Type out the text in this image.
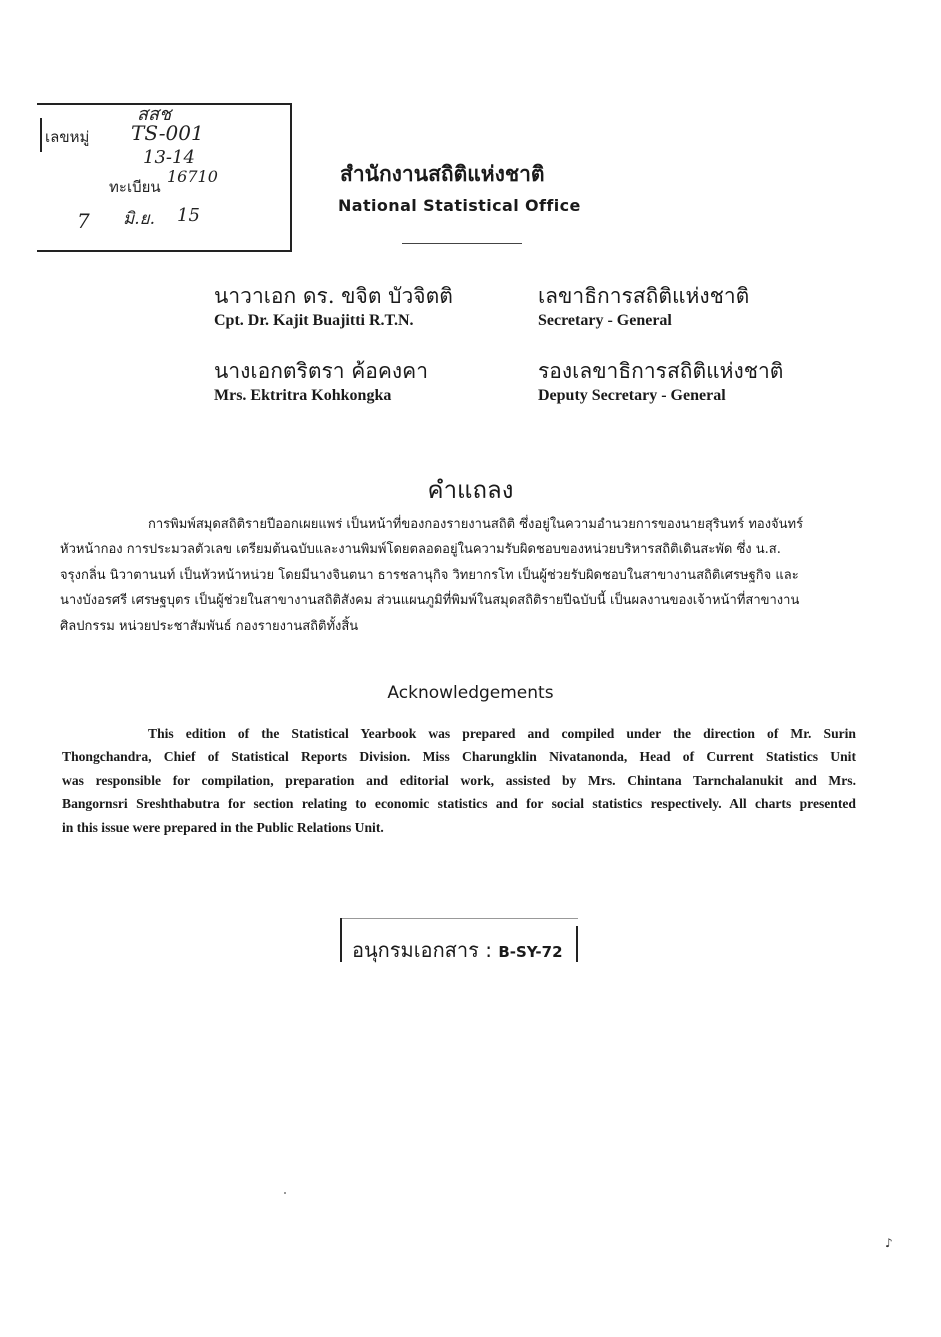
เลขหมู่
ทะเบียน
สสช
TS-001
13-14
16710
7 มิ.ย. 15
สำนักงานสถิติแห่งชาติ
National Statistical Office
นาวาเอก ดร. ขจิต บัวจิตติ
Cpt. Dr. Kajit Buajitti R.T.N.
เลขาธิการสถิติแห่งชาติ
Secretary - General
นางเอกตริตรา ค้อคงคา
Mrs. Ektritra Kohkongka
รองเลขาธิการสถิติแห่งชาติ
Deputy Secretary - General
คำแถลง
การพิมพ์สมุดสถิติรายปีออกเผยแพร่ เป็นหน้าที่ของกองรายงานสถิติ ซึ่งอยู่ในความอำนวยการของนายสุรินทร์ ทองจันทร์
หัวหน้ากอง การประมวลตัวเลข เตรียมต้นฉบับและงานพิมพ์โดยตลอดอยู่ในความรับผิดชอบของหน่วยบริหารสถิติเดินสะพัด ซึ่ง น.ส.
จรุงกลิ่น นิวาตานนท์ เป็นหัวหน้าหน่วย โดยมีนางจินตนา ธารชลานุกิจ วิทยากรโท เป็นผู้ช่วยรับผิดชอบในสาขางานสถิติเศรษฐกิจ และ
นางบังอรศรี เศรษฐบุตร เป็นผู้ช่วยในสาขางานสถิติสังคม ส่วนแผนภูมิที่พิมพ์ในสมุดสถิติรายปีฉบับนี้ เป็นผลงานของเจ้าหน้าที่สาขางาน
ศิลปกรรม หน่วยประชาสัมพันธ์ กองรายงานสถิติทั้งสิ้น
Acknowledgements
This edition of the Statistical Yearbook was prepared and compiled under the direction of Mr. Surin
Thongchandra, Chief of Statistical Reports Division. Miss Charungklin Nivatanonda, Head of Current Statistics Unit
was responsible for compilation, preparation and editorial work, assisted by Mrs. Chintana Tarnchalanukit and Mrs.
Bangornsri Sreshthabutra for section relating to economic statistics and for social statistics respectively. All charts presented
in this issue were prepared in the Public Relations Unit.
อนุกรมเอกสาร : B-SY-72
♪
